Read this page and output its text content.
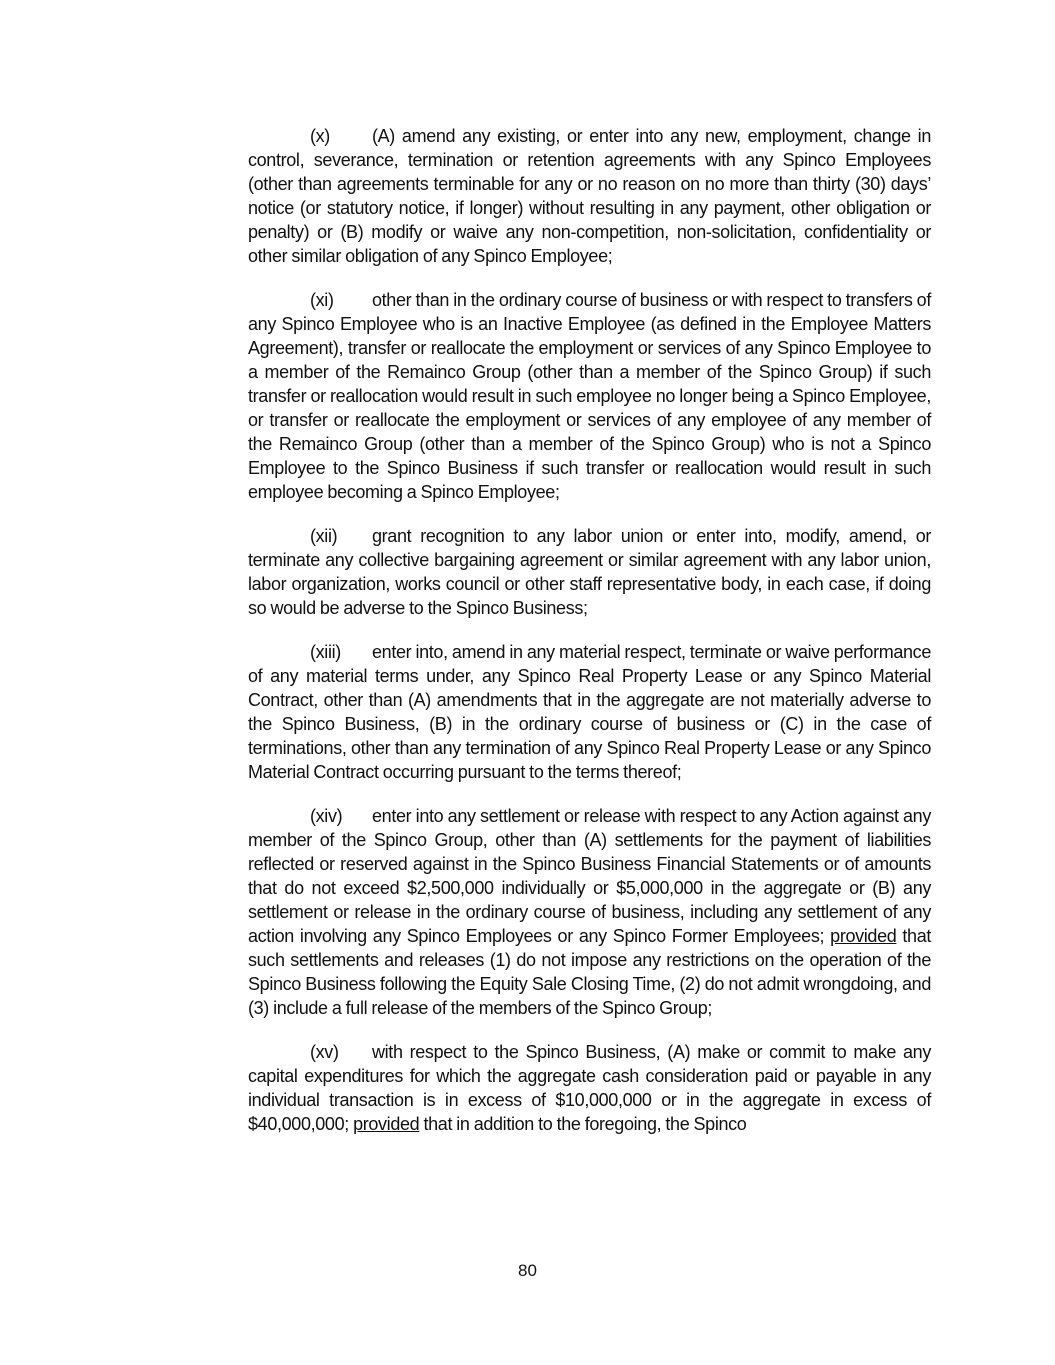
(x) (A) amend any existing, or enter into any new, employment, change in control, severance, termination or retention agreements with any Spinco Employees (other than agreements terminable for any or no reason on no more than thirty (30) days’ notice (or statutory notice, if longer) without resulting in any payment, other obligation or penalty) or (B) modify or waive any non-competition, non-solicitation, confidentiality or other similar obligation of any Spinco Employee;

(xi) other than in the ordinary course of business or with respect to transfers of any Spinco Employee who is an Inactive Employee (as defined in the Employee Matters Agreement), transfer or reallocate the employment or services of any Spinco Employee to a member of the Remainco Group (other than a member of the Spinco Group) if such transfer or reallocation would result in such employee no longer being a Spinco Employee, or transfer or reallocate the employment or services of any employee of any member of the Remainco Group (other than a member of the Spinco Group) who is not a Spinco Employee to the Spinco Business if such transfer or reallocation would result in such employee becoming a Spinco Employee;

(xii) grant recognition to any labor union or enter into, modify, amend, or terminate any collective bargaining agreement or similar agreement with any labor union, labor organization, works council or other staff representative body, in each case, if doing so would be adverse to the Spinco Business;

(xiii) enter into, amend in any material respect, terminate or waive performance of any material terms under, any Spinco Real Property Lease or any Spinco Material Contract, other than (A) amendments that in the aggregate are not materially adverse to the Spinco Business, (B) in the ordinary course of business or (C) in the case of terminations, other than any termination of any Spinco Real Property Lease or any Spinco Material Contract occurring pursuant to the terms thereof;

(xiv) enter into any settlement or release with respect to any Action against any member of the Spinco Group, other than (A) settlements for the payment of liabilities reflected or reserved against in the Spinco Business Financial Statements or of amounts that do not exceed $2,500,000 individually or $5,000,000 in the aggregate or (B) any settlement or release in the ordinary course of business, including any settlement of any action involving any Spinco Employees or any Spinco Former Employees; provided that such settlements and releases (1) do not impose any restrictions on the operation of the Spinco Business following the Equity Sale Closing Time, (2) do not admit wrongdoing, and (3) include a full release of the members of the Spinco Group;

(xv) with respect to the Spinco Business, (A) make or commit to make any capital expenditures for which the aggregate cash consideration paid or payable in any individual transaction is in excess of $10,000,000 or in the aggregate in excess of $40,000,000; provided that in addition to the foregoing, the Spinco

80
